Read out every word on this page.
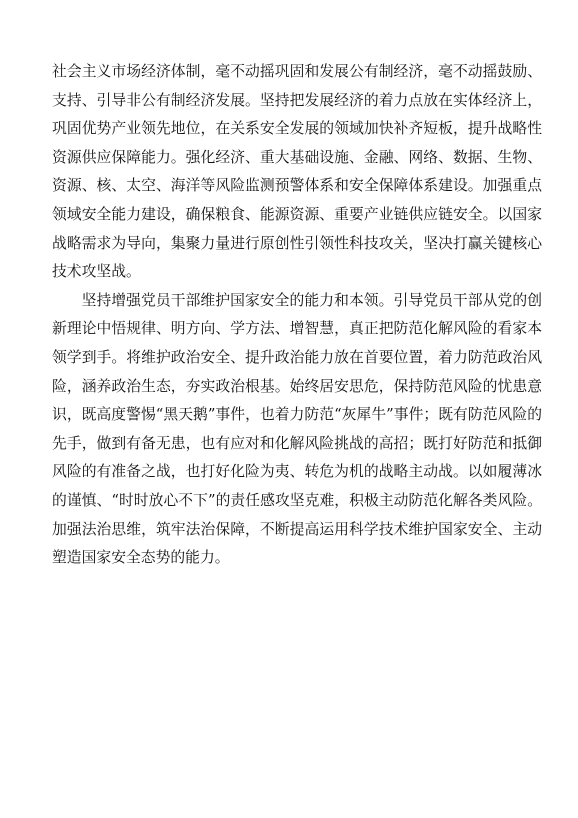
社会主义市场经济体制，毫不动摇巩固和发展公有制经济，毫不动摇鼓励、支持、引导非公有制经济发展。坚持把发展经济的着力点放在实体经济上，巩固优势产业领先地位，在关系安全发展的领域加快补齐短板，提升战略性资源供应保障能力。强化经济、重大基础设施、金融、网络、数据、生物、资源、核、太空、海洋等风险监测预警体系和安全保障体系建设。加强重点领域安全能力建设，确保粮食、能源资源、重要产业链供应链安全。以国家战略需求为导向，集聚力量进行原创性引领性科技攻关，坚决打赢关键核心技术攻坚战。

坚持增强党员干部维护国家安全的能力和本领。引导党员干部从党的创新理论中悟规律、明方向、学方法、增智慧，真正把防范化解风险的看家本领学到手。将维护政治安全、提升政治能力放在首要位置，着力防范政治风险，涵养政治生态，夯实政治根基。始终居安思危，保持防范风险的忧患意识，既高度警惕“黑天鹅”事件，也着力防范“灰犀牛”事件；既有防范风险的先手，做到有备无患，也有应对和化解风险挑战的高招；既打好防范和抵御风险的有准备之战，也打好化险为夷、转危为机的战略主动战。以如履薄冰的谨慎、“时时放心不下”的责任感攻坚克难，积极主动防范化解各类风险。加强法治思维，筑牢法治保障，不断提高运用科学技术维护国家安全、主动塑造国家安全态势的能力。
